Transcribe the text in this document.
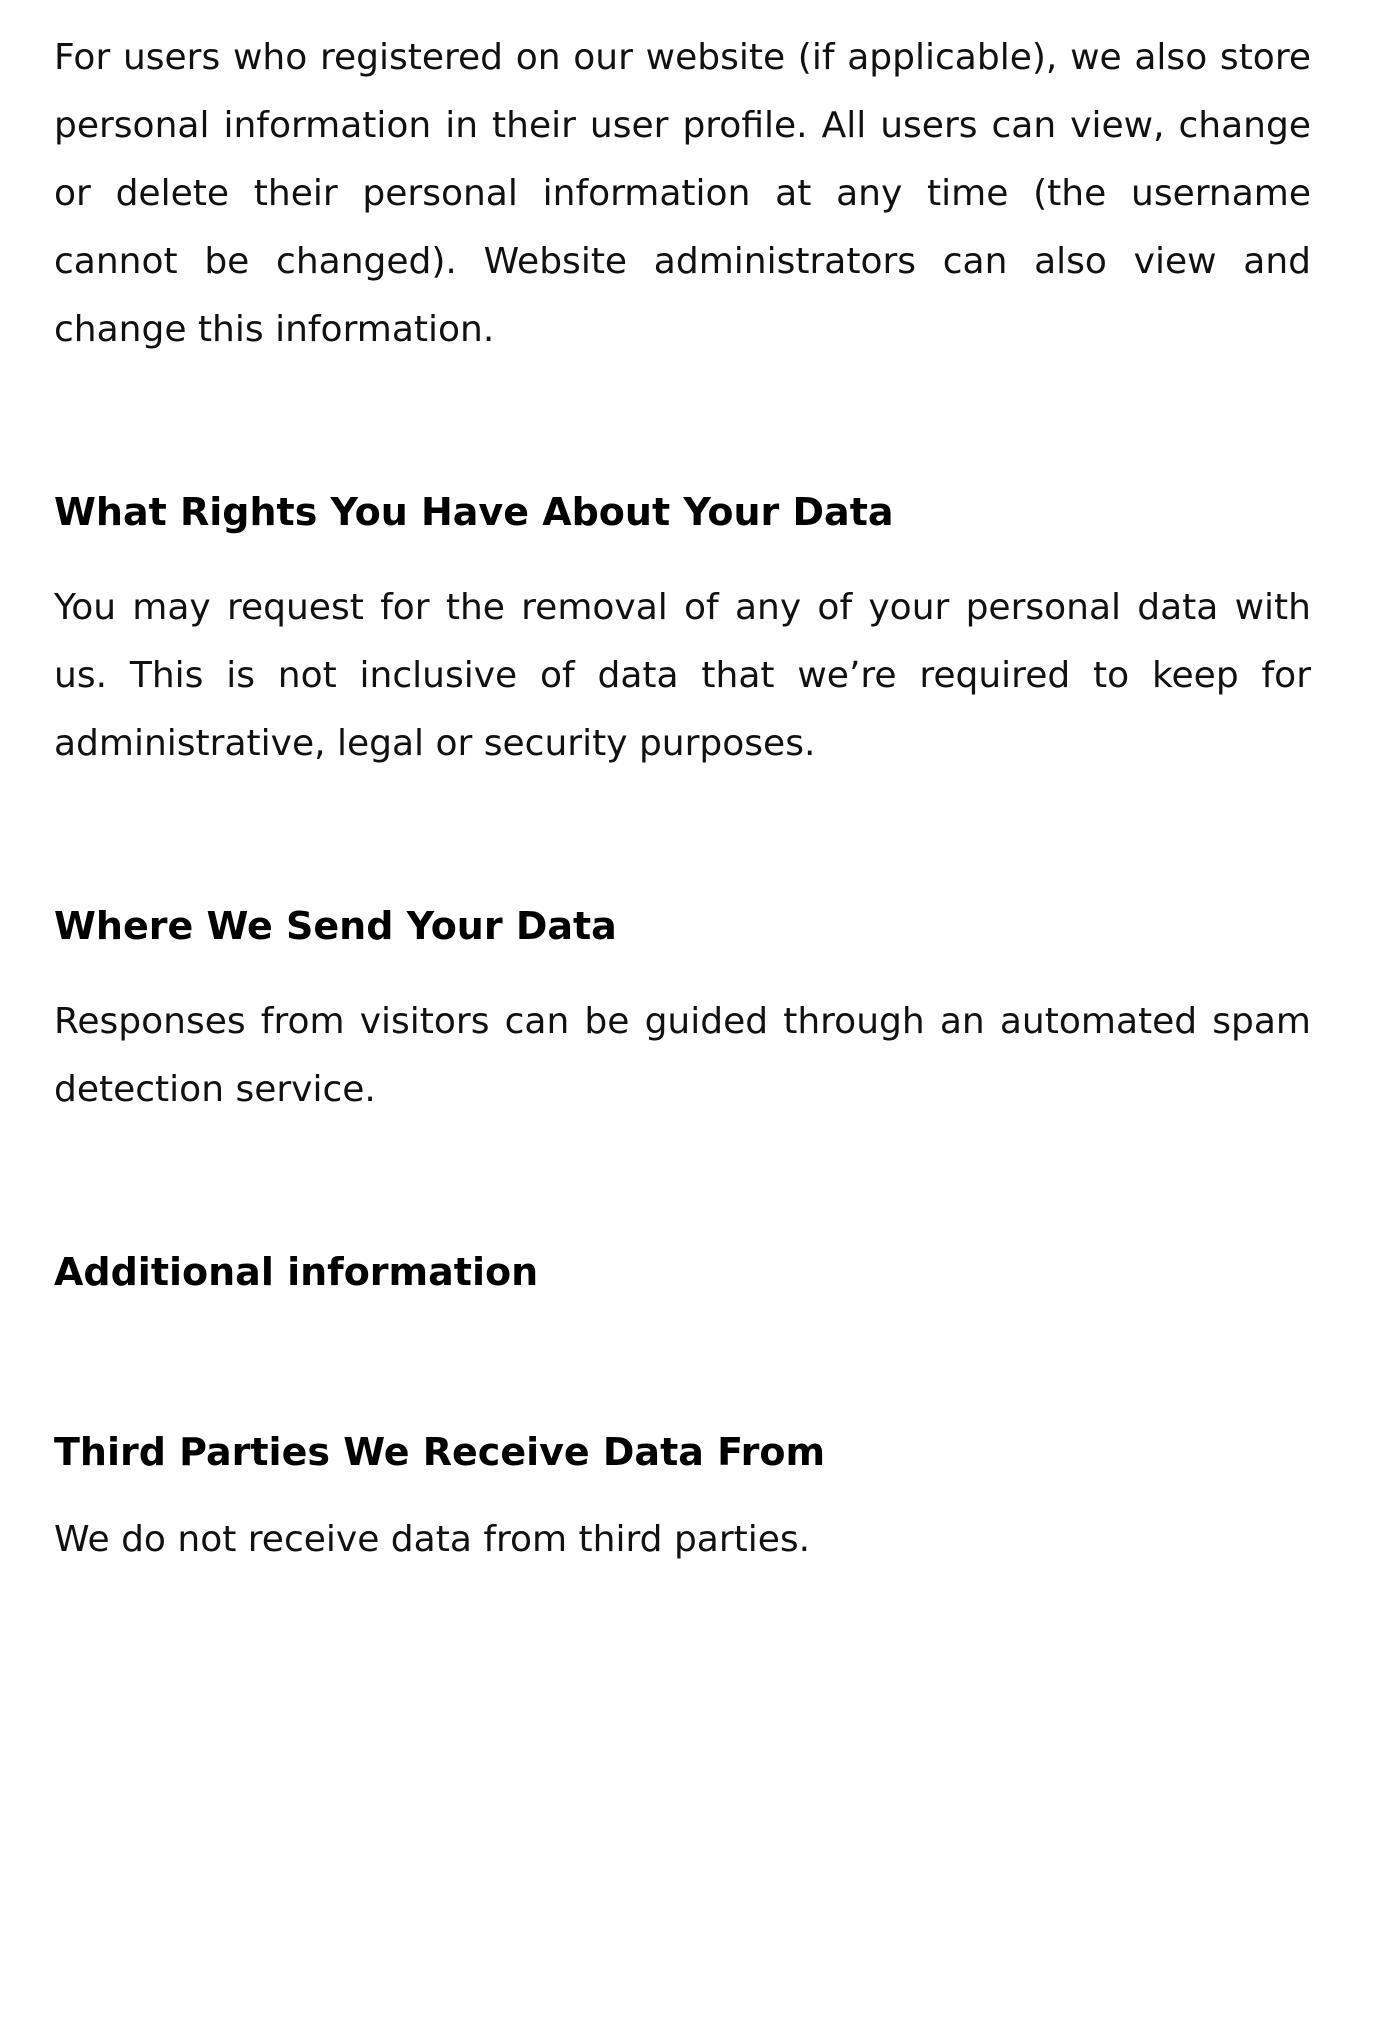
For users who registered on our website (if applicable), we also store personal information in their user profile. All users can view, change or delete their personal information at any time (the username cannot be changed). Website administrators can also view and change this information.

What Rights You Have About Your Data

You may request for the removal of any of your personal data with us. This is not inclusive of data that we’re required to keep for administrative, legal or security purposes.

Where We Send Your Data

Responses from visitors can be guided through an automated spam detection service.

Additional information
Third Parties We Receive Data From

We do not receive data from third parties.
